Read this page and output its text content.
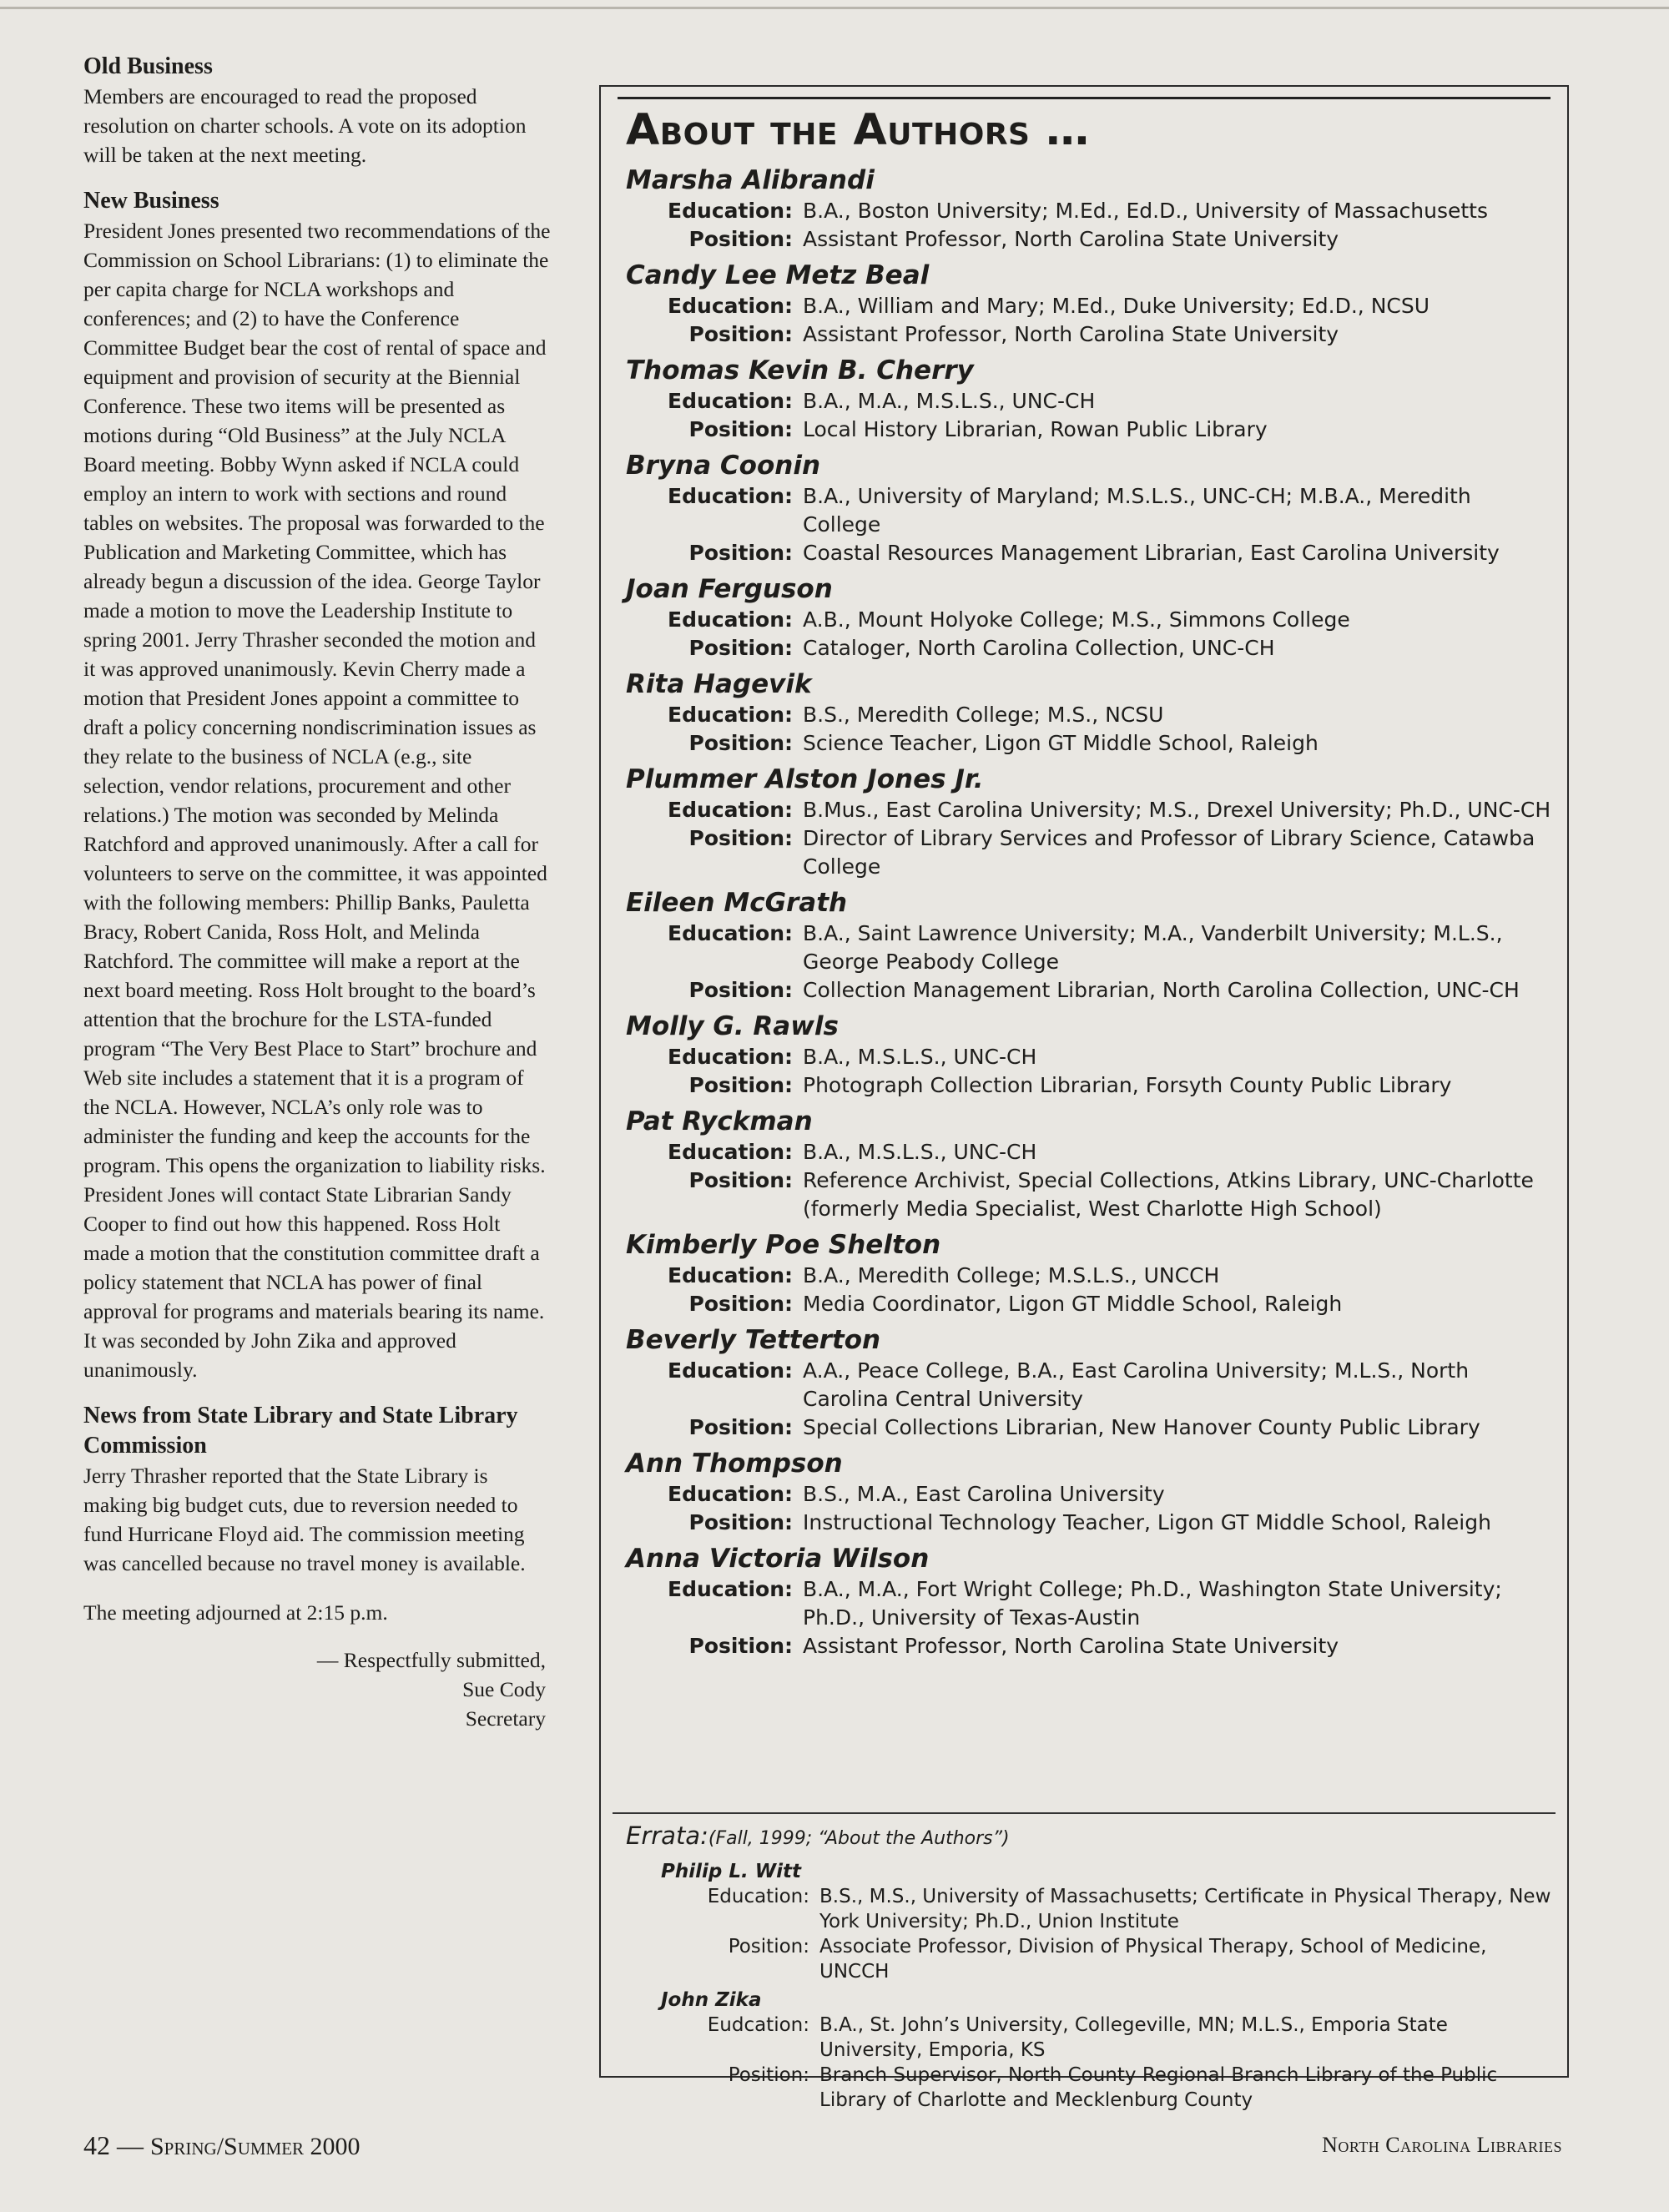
Old Business

Members are encouraged to read the proposed resolution on charter schools. A vote on its adoption will be taken at the next meeting.

New Business

President Jones presented two recommendations of the Commission on School Librarians: (1) to eliminate the per capita charge for NCLA workshops and conferences; and (2) to have the Conference Committee Budget bear the cost of rental of space and equipment and provision of security at the Biennial Conference. These two items will be presented as motions during “Old Business” at the July NCLA Board meeting. Bobby Wynn asked if NCLA could employ an intern to work with sections and round tables on websites. The proposal was forwarded to the Publication and Marketing Committee, which has already begun a discussion of the idea. George Taylor made a motion to move the Leadership Institute to spring 2001. Jerry Thrasher seconded the motion and it was approved unanimously. Kevin Cherry made a motion that President Jones appoint a committee to draft a policy concerning nondiscrimination issues as they relate to the business of NCLA (e.g., site selection, vendor relations, procurement and other relations.) The motion was seconded by Melinda Ratchford and approved unanimously. After a call for volunteers to serve on the committee, it was appointed with the following members: Phillip Banks, Pauletta Bracy, Robert Canida, Ross Holt, and Melinda Ratchford. The committee will make a report at the next board meeting. Ross Holt brought to the board’s attention that the brochure for the LSTA-funded program “The Very Best Place to Start” brochure and Web site includes a statement that it is a program of the NCLA. However, NCLA’s only role was to administer the funding and keep the accounts for the program. This opens the organization to liability risks. President Jones will contact State Librarian Sandy Cooper to find out how this happened. Ross Holt made a motion that the constitution committee draft a policy statement that NCLA has power of final approval for programs and materials bearing its name. It was seconded by John Zika and approved unanimously.

News from State Library and State Library Commission

Jerry Thrasher reported that the State Library is making big budget cuts, due to reversion needed to fund Hurricane Floyd aid. The commission meeting was cancelled because no travel money is available.

The meeting adjourned at 2:15 p.m.

— Respectfully submitted,
Sue Cody
Secretary
About the Authors …
Marsha Alibrandi
Education: B.A., Boston University; M.Ed., Ed.D., University of Massachusetts
Position: Assistant Professor, North Carolina State University
Candy Lee Metz Beal
Education: B.A., William and Mary; M.Ed., Duke University; Ed.D., NCSU
Position: Assistant Professor, North Carolina State University
Thomas Kevin B. Cherry
Education: B.A., M.A., M.S.L.S., UNC-CH
Position: Local History Librarian, Rowan Public Library
Bryna Coonin
Education: B.A., University of Maryland; M.S.L.S., UNC-CH; M.B.A., Meredith College
Position: Coastal Resources Management Librarian, East Carolina University
Joan Ferguson
Education: A.B., Mount Holyoke College; M.S., Simmons College
Position: Cataloger, North Carolina Collection, UNC-CH
Rita Hagevik
Education: B.S., Meredith College; M.S., NCSU
Position: Science Teacher, Ligon GT Middle School, Raleigh
Plummer Alston Jones Jr.
Education: B.Mus., East Carolina University; M.S., Drexel University; Ph.D., UNC-CH
Position: Director of Library Services and Professor of Library Science, Catawba College
Eileen McGrath
Education: B.A., Saint Lawrence University; M.A., Vanderbilt University; M.L.S., George Peabody College
Position: Collection Management Librarian, North Carolina Collection, UNC-CH
Molly G. Rawls
Education: B.A., M.S.L.S., UNC-CH
Position: Photograph Collection Librarian, Forsyth County Public Library
Pat Ryckman
Education: B.A., M.S.L.S., UNC-CH
Position: Reference Archivist, Special Collections, Atkins Library, UNC-Charlotte (formerly Media Specialist, West Charlotte High School)
Kimberly Poe Shelton
Education: B.A., Meredith College; M.S.L.S., UNCCH
Position: Media Coordinator, Ligon GT Middle School, Raleigh
Beverly Tetterton
Education: A.A., Peace College, B.A., East Carolina University; M.L.S., North Carolina Central University
Position: Special Collections Librarian, New Hanover County Public Library
Ann Thompson
Education: B.S., M.A., East Carolina University
Position: Instructional Technology Teacher, Ligon GT Middle School, Raleigh
Anna Victoria Wilson
Education: B.A., M.A., Fort Wright College; Ph.D., Washington State University; Ph.D., University of Texas-Austin
Position: Assistant Professor, North Carolina State University
Errata:(Fall, 1999; “About the Authors”)
Philip L. Witt
Education: B.S., M.S., University of Massachusetts; Certificate in Physical Therapy, New York University; Ph.D., Union Institute
Position: Associate Professor, Division of Physical Therapy, School of Medicine, UNCCH
John Zika
Eudcation: B.A., St. John’s University, Collegeville, MN; M.L.S., Emporia State University, Emporia, KS
Position: Branch Supervisor, North County Regional Branch Library of the Public Library of Charlotte and Mecklenburg County
42 — Spring/Summer 2000	North Carolina Libraries
